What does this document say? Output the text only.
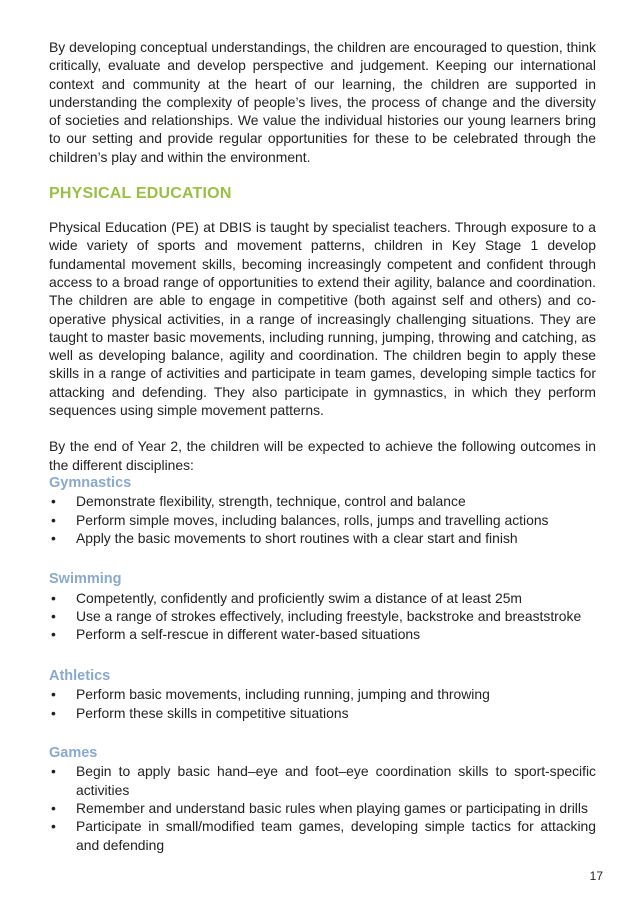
By developing conceptual understandings, the children are encouraged to question, think critically, evaluate and develop perspective and judgement. Keeping our international context and community at the heart of our learning, the children are supported in understanding the complexity of people’s lives, the process of change and the diversity of societies and relationships. We value the individual histories our young learners bring to our setting and provide regular opportunities for these to be celebrated through the children’s play and within the environment.

PHYSICAL EDUCATION

Physical Education (PE) at DBIS is taught by specialist teachers. Through exposure to a wide variety of sports and movement patterns, children in Key Stage 1 develop fundamental movement skills, becoming increasingly competent and confident through access to a broad range of opportunities to extend their agility, balance and coordination. The children are able to engage in competitive (both against self and others) and co-operative physical activities, in a range of increasingly challenging situations. They are taught to master basic movements, including running, jumping, throwing and catching, as well as developing balance, agility and coordination. The children begin to apply these skills in a range of activities and participate in team games, developing simple tactics for attacking and defending. They also participate in gymnastics, in which they perform sequences using simple movement patterns.

By the end of Year 2, the children will be expected to achieve the following outcomes in the different disciplines:

Gymnastics
• Demonstrate flexibility, strength, technique, control and balance
• Perform simple moves, including balances, rolls, jumps and travelling actions
• Apply the basic movements to short routines with a clear start and finish
Swimming
• Competently, confidently and proficiently swim a distance of at least 25m
• Use a range of strokes effectively, including freestyle, backstroke and breaststroke
• Perform a self-rescue in different water-based situations
Athletics
• Perform basic movements, including running, jumping and throwing
• Perform these skills in competitive situations
Games
• Begin to apply basic hand–eye and foot–eye coordination skills to sport-specific activities
• Remember and understand basic rules when playing games or participating in drills
• Participate in small/modified team games, developing simple tactics for attacking and defending
17
